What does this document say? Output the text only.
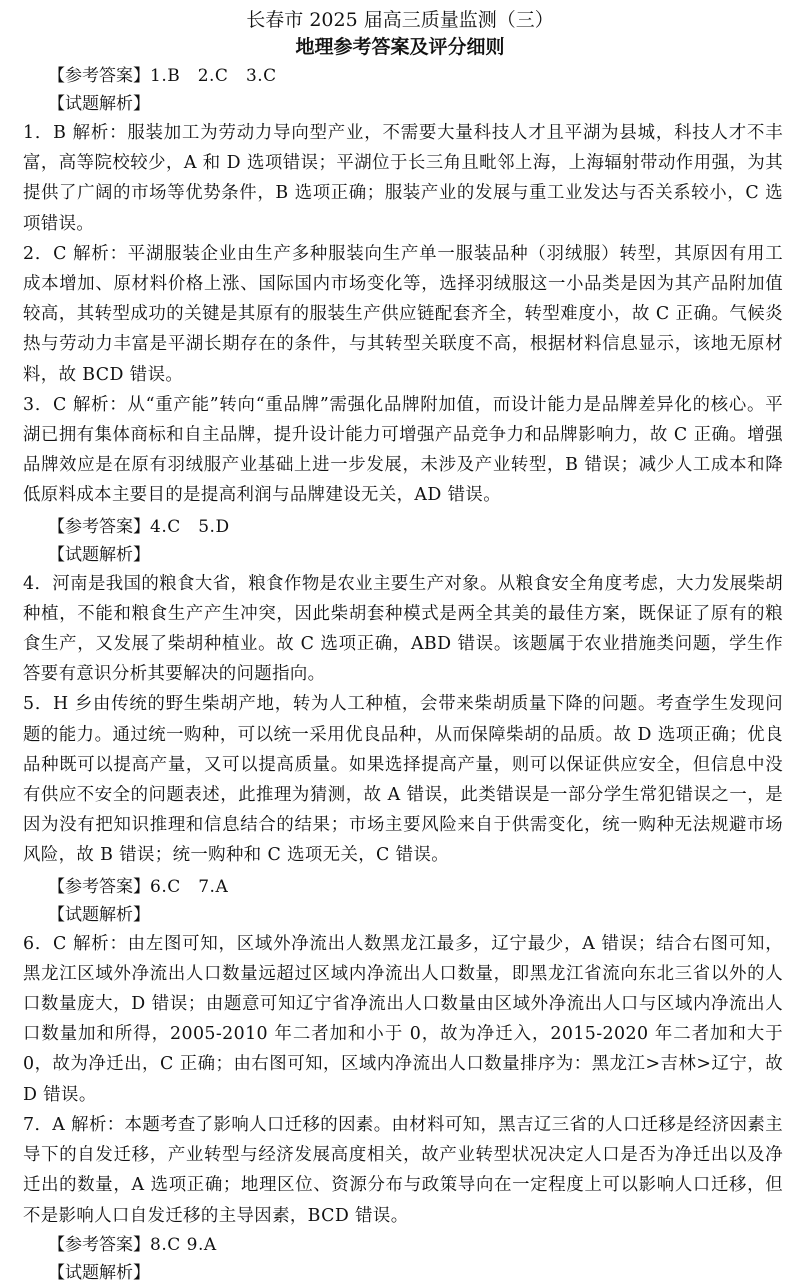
长春市 2025 届高三质量监测（三）
地理参考答案及评分细则
【参考答案】1.B　2.C　3.C
【试题解析】

1．B 解析：服装加工为劳动力导向型产业，不需要大量科技人才且平湖为县城，科技人才不丰富，高等院校较少，A 和 D 选项错误；平湖位于长三角且毗邻上海，上海辐射带动作用强，为其提供了广阔的市场等优势条件，B 选项正确；服装产业的发展与重工业发达与否关系较小，C 选项错误。

2．C 解析：平湖服装企业由生产多种服装向生产单一服装品种（羽绒服）转型，其原因有用工成本增加、原材料价格上涨、国际国内市场变化等，选择羽绒服这一小品类是因为其产品附加值较高，其转型成功的关键是其原有的服装生产供应链配套齐全，转型难度小，故 C 正确。气候炎热与劳动力丰富是平湖长期存在的条件，与其转型关联度不高，根据材料信息显示，该地无原材料，故 BCD 错误。

3．C 解析：从“重产能”转向“重品牌”需强化品牌附加值，而设计能力是品牌差异化的核心。平湖已拥有集体商标和自主品牌，提升设计能力可增强产品竞争力和品牌影响力，故 C 正确。增强品牌效应是在原有羽绒服产业基础上进一步发展，未涉及产业转型，B 错误；减少人工成本和降低原料成本主要目的是提高利润与品牌建设无关，AD 错误。

【参考答案】4.C　5.D
【试题解析】

4．河南是我国的粮食大省，粮食作物是农业主要生产对象。从粮食安全角度考虑，大力发展柴胡种植，不能和粮食生产产生冲突，因此柴胡套种模式是两全其美的最佳方案，既保证了原有的粮食生产，又发展了柴胡种植业。故 C 选项正确，ABD 错误。该题属于农业措施类问题，学生作答要有意识分析其要解决的问题指向。

5．H 乡由传统的野生柴胡产地，转为人工种植，会带来柴胡质量下降的问题。考查学生发现问题的能力。通过统一购种，可以统一采用优良品种，从而保障柴胡的品质。故 D 选项正确；优良品种既可以提高产量，又可以提高质量。如果选择提高产量，则可以保证供应安全，但信息中没有供应不安全的问题表述，此推理为猜测，故 A 错误，此类错误是一部分学生常犯错误之一，是因为没有把知识推理和信息结合的结果；市场主要风险来自于供需变化，统一购种无法规避市场风险，故 B 错误；统一购种和 C 选项无关，C 错误。

【参考答案】6.C　7.A
【试题解析】

6．C 解析：由左图可知，区域外净流出人数黑龙江最多，辽宁最少，A 错误；结合右图可知，黑龙江区域外净流出人口数量远超过区域内净流出人口数量，即黑龙江省流向东北三省以外的人口数量庞大，D 错误；由题意可知辽宁省净流出人口数量由区域外净流出人口与区域内净流出人口数量加和所得，2005-2010 年二者加和小于 0，故为净迁入，2015-2020 年二者加和大于 0，故为净迁出，C 正确；由右图可知，区域内净流出人口数量排序为：黑龙江>吉林>辽宁，故 D 错误。

7．A 解析：本题考查了影响人口迁移的因素。由材料可知，黑吉辽三省的人口迁移是经济因素主导下的自发迁移，产业转型与经济发展高度相关，故产业转型状况决定人口是否为净迁出以及净迁出的数量，A 选项正确；地理区位、资源分布与政策导向在一定程度上可以影响人口迁移，但不是影响人口自发迁移的主导因素，BCD 错误。

【参考答案】8.C 9.A
【试题解析】
